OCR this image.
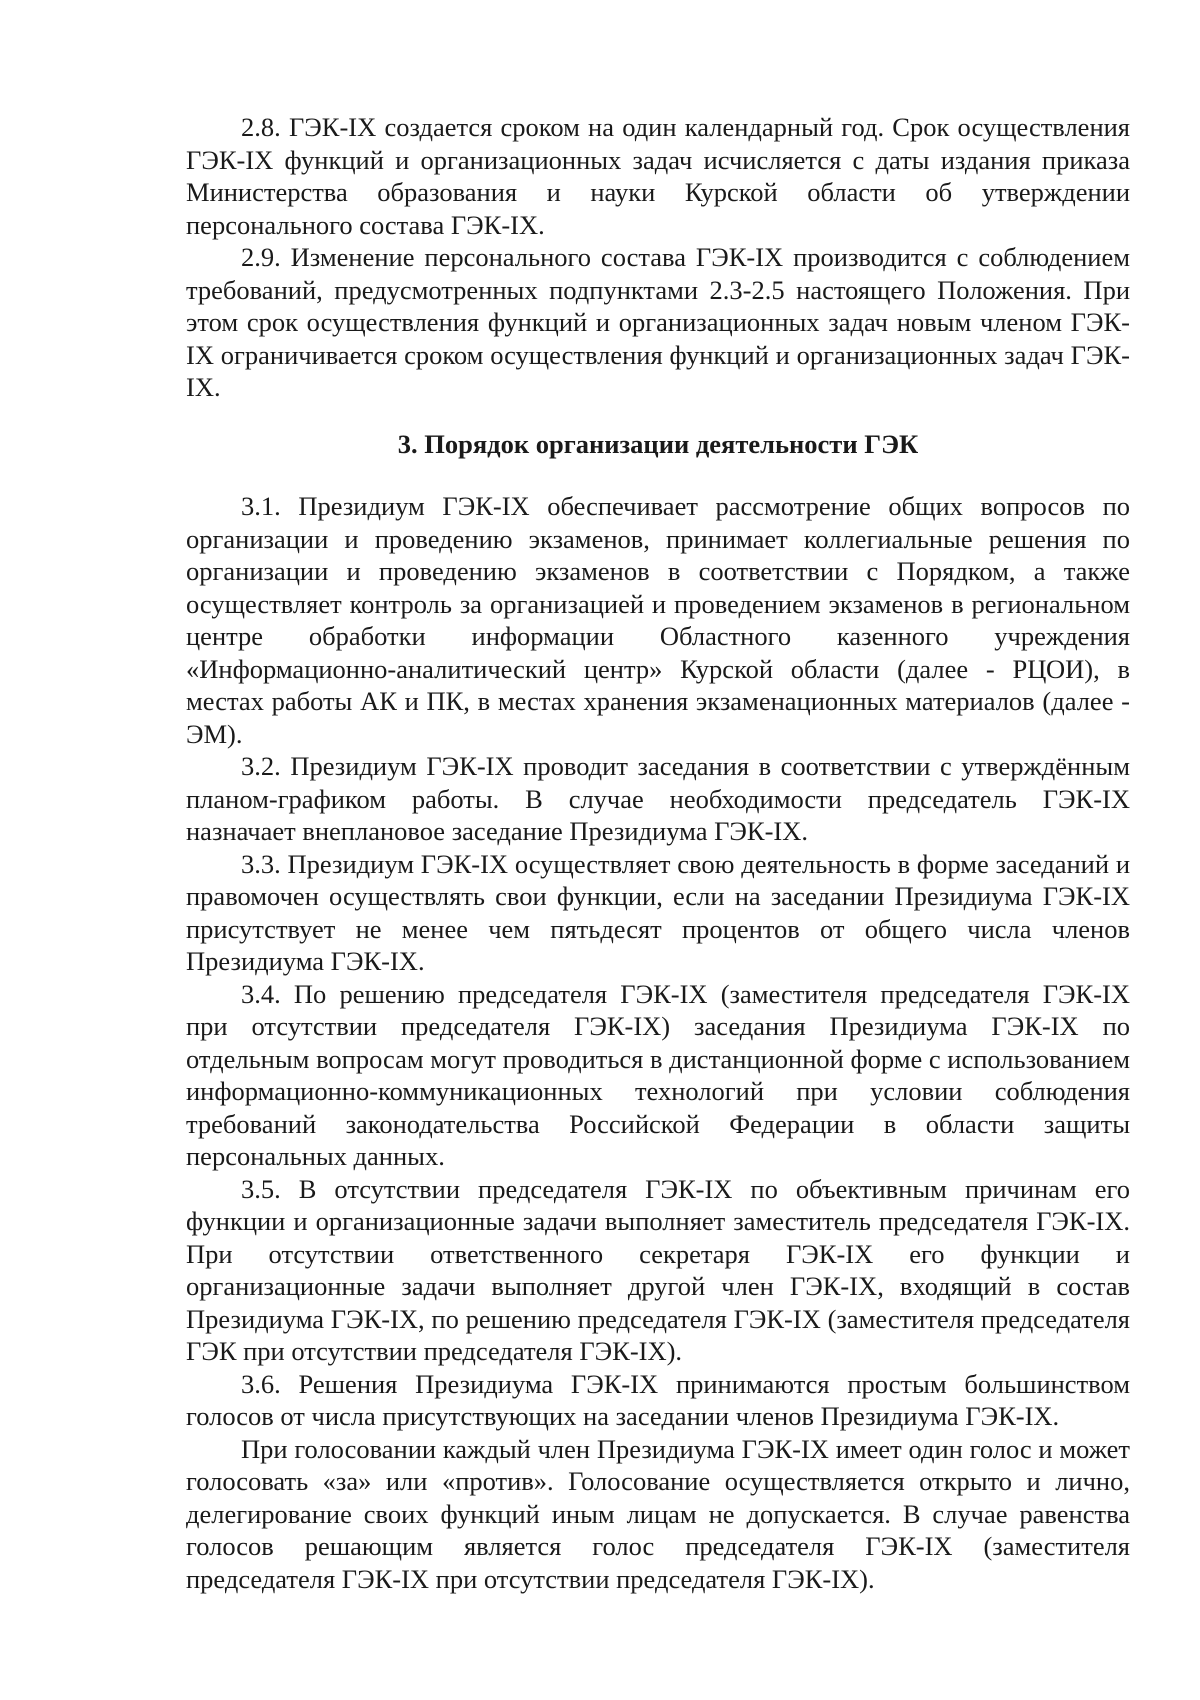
2.8. ГЭК-IX создается сроком на один календарный год. Срок осуществления ГЭК-IX функций и организационных задач исчисляется с даты издания приказа Министерства образования и науки Курской области об утверждении персонального состава ГЭК-IX.

2.9. Изменение персонального состава ГЭК-IX производится с соблюдением требований, предусмотренных подпунктами 2.3-2.5 настоящего Положения. При этом срок осуществления функций и организационных задач новым членом ГЭК-IX ограничивается сроком осуществления функций и организационных задач ГЭК-IX.

3. Порядок организации деятельности ГЭК

3.1. Президиум ГЭК-IX обеспечивает рассмотрение общих вопросов по организации и проведению экзаменов, принимает коллегиальные решения по организации и проведению экзаменов в соответствии с Порядком, а также осуществляет контроль за организацией и проведением экзаменов в региональном центре обработки информации Областного казенного учреждения «Информационно-аналитический центр» Курской области (далее - РЦОИ), в местах работы АК и ПК, в местах хранения экзаменационных материалов (далее - ЭМ).

3.2. Президиум ГЭК-IX проводит заседания в соответствии с утверждённым планом-графиком работы. В случае необходимости председатель ГЭК-IX назначает внеплановое заседание Президиума ГЭК-IX.

3.3. Президиум ГЭК-IX осуществляет свою деятельность в форме заседаний и правомочен осуществлять свои функции, если на заседании Президиума ГЭК-IX присутствует не менее чем пятьдесят процентов от общего числа членов Президиума ГЭК-IX.

3.4. По решению председателя ГЭК-IX (заместителя председателя ГЭК-IX при отсутствии председателя ГЭК-IX) заседания Президиума ГЭК-IX по отдельным вопросам могут проводиться в дистанционной форме с использованием информационно-коммуникационных технологий при условии соблюдения требований законодательства Российской Федерации в области защиты персональных данных.

3.5. В отсутствии председателя ГЭК-IX по объективным причинам его функции и организационные задачи выполняет заместитель председателя ГЭК-IX. При отсутствии ответственного секретаря ГЭК-IX его функции и организационные задачи выполняет другой член ГЭК-IX, входящий в состав Президиума ГЭК-IX, по решению председателя ГЭК-IX (заместителя председателя ГЭК при отсутствии председателя ГЭК-IX).

3.6. Решения Президиума ГЭК-IX принимаются простым большинством голосов от числа присутствующих на заседании членов Президиума ГЭК-IX.

При голосовании каждый член Президиума ГЭК-IX имеет один голос и может голосовать «за» или «против». Голосование осуществляется открыто и лично, делегирование своих функций иным лицам не допускается. В случае равенства голосов решающим является голос председателя ГЭК-IX (заместителя председателя ГЭК-IX при отсутствии председателя ГЭК-IX).
